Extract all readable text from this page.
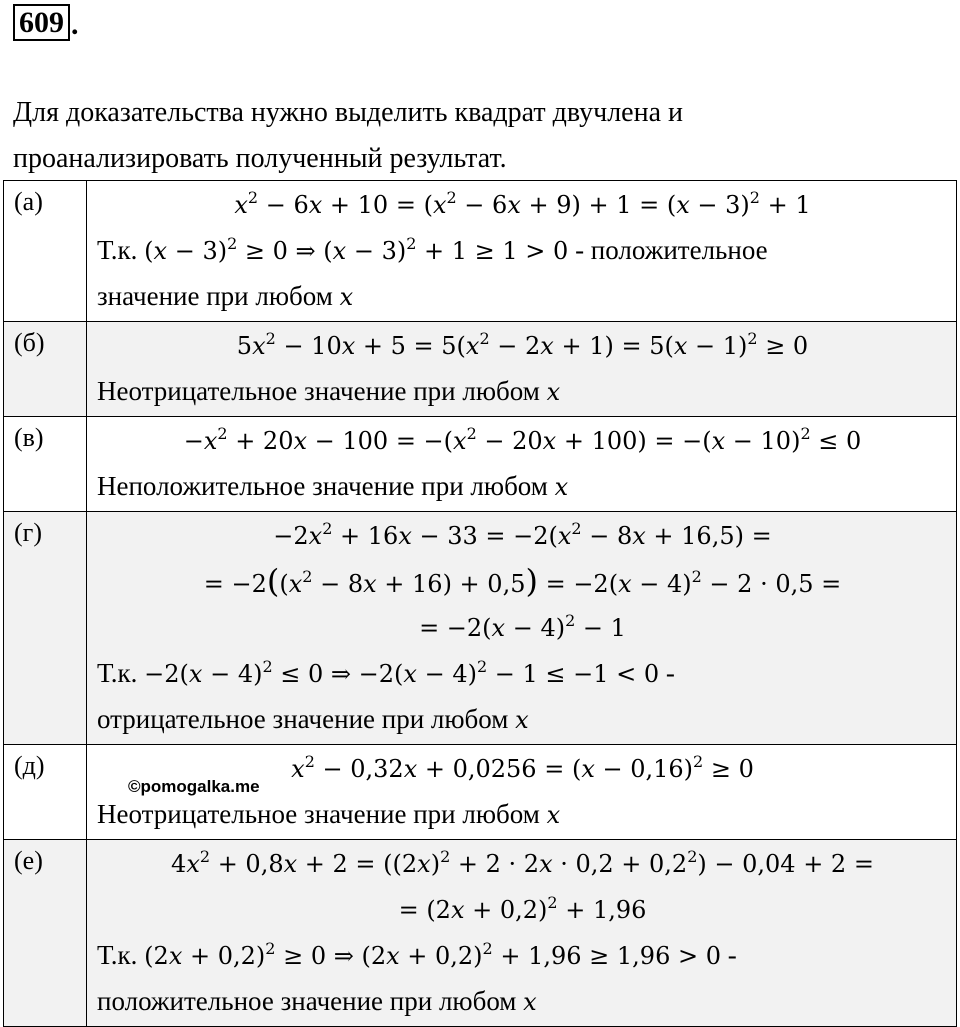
609 .
Для доказательства нужно выделить квадрат двучлена и
проанализировать полученный результат.
(а)	$x^2 - 6x + 10 = (x^2 - 6x + 9) + 1 = (x - 3)^2 + 1$
Т.к. $(x - 3)^2 \ge 0$ ⇒ $(x - 3)^2 + 1 \ge 1 > 0$ - положительное
значение при любом x

(б)	$5x^2 - 10x + 5 = 5(x^2 - 2x + 1) = 5(x - 1)^2 \ge 0$
Неотрицательное значение при любом x

(в)	$-x^2 + 20x - 100 = -(x^2 - 20x + 100) = -(x - 10)^2 \le 0$
Неположительное значение при любом x

(г)	$-2x^2 + 16x - 33 = -2(x^2 - 8x + 16,5)$ =
= $-2((x^2 - 8x + 16) + 0,5) = -2(x - 4)^2 - 2 \cdot 0,5$ =
= $-2(x - 4)^2 - 1$
Т.к. $-2(x - 4)^2 \le 0$ ⇒ $-2(x - 4)^2 - 1 \le -1 < 0$ -
отрицательное значение при любом x

(д)	$x^2 - 0,32x + 0,0256 = (x - 0,16)^2 \ge 0$
Неотрицательное значение при любом x

(е)	$4x^2 + 0,8x + 2 = ((2x)^2 + 2 \cdot 2x \cdot 0,2 + 0,2^2) - 0,04 + 2$ =
= $(2x + 0,2)^2 + 1,96$
Т.к. $(2x + 0,2)^2 \ge 0$ ⇒ $(2x + 0,2)^2 + 1,96 \ge 1,96 > 0$ -
положительное значение при любом x
©pomogalka.me
